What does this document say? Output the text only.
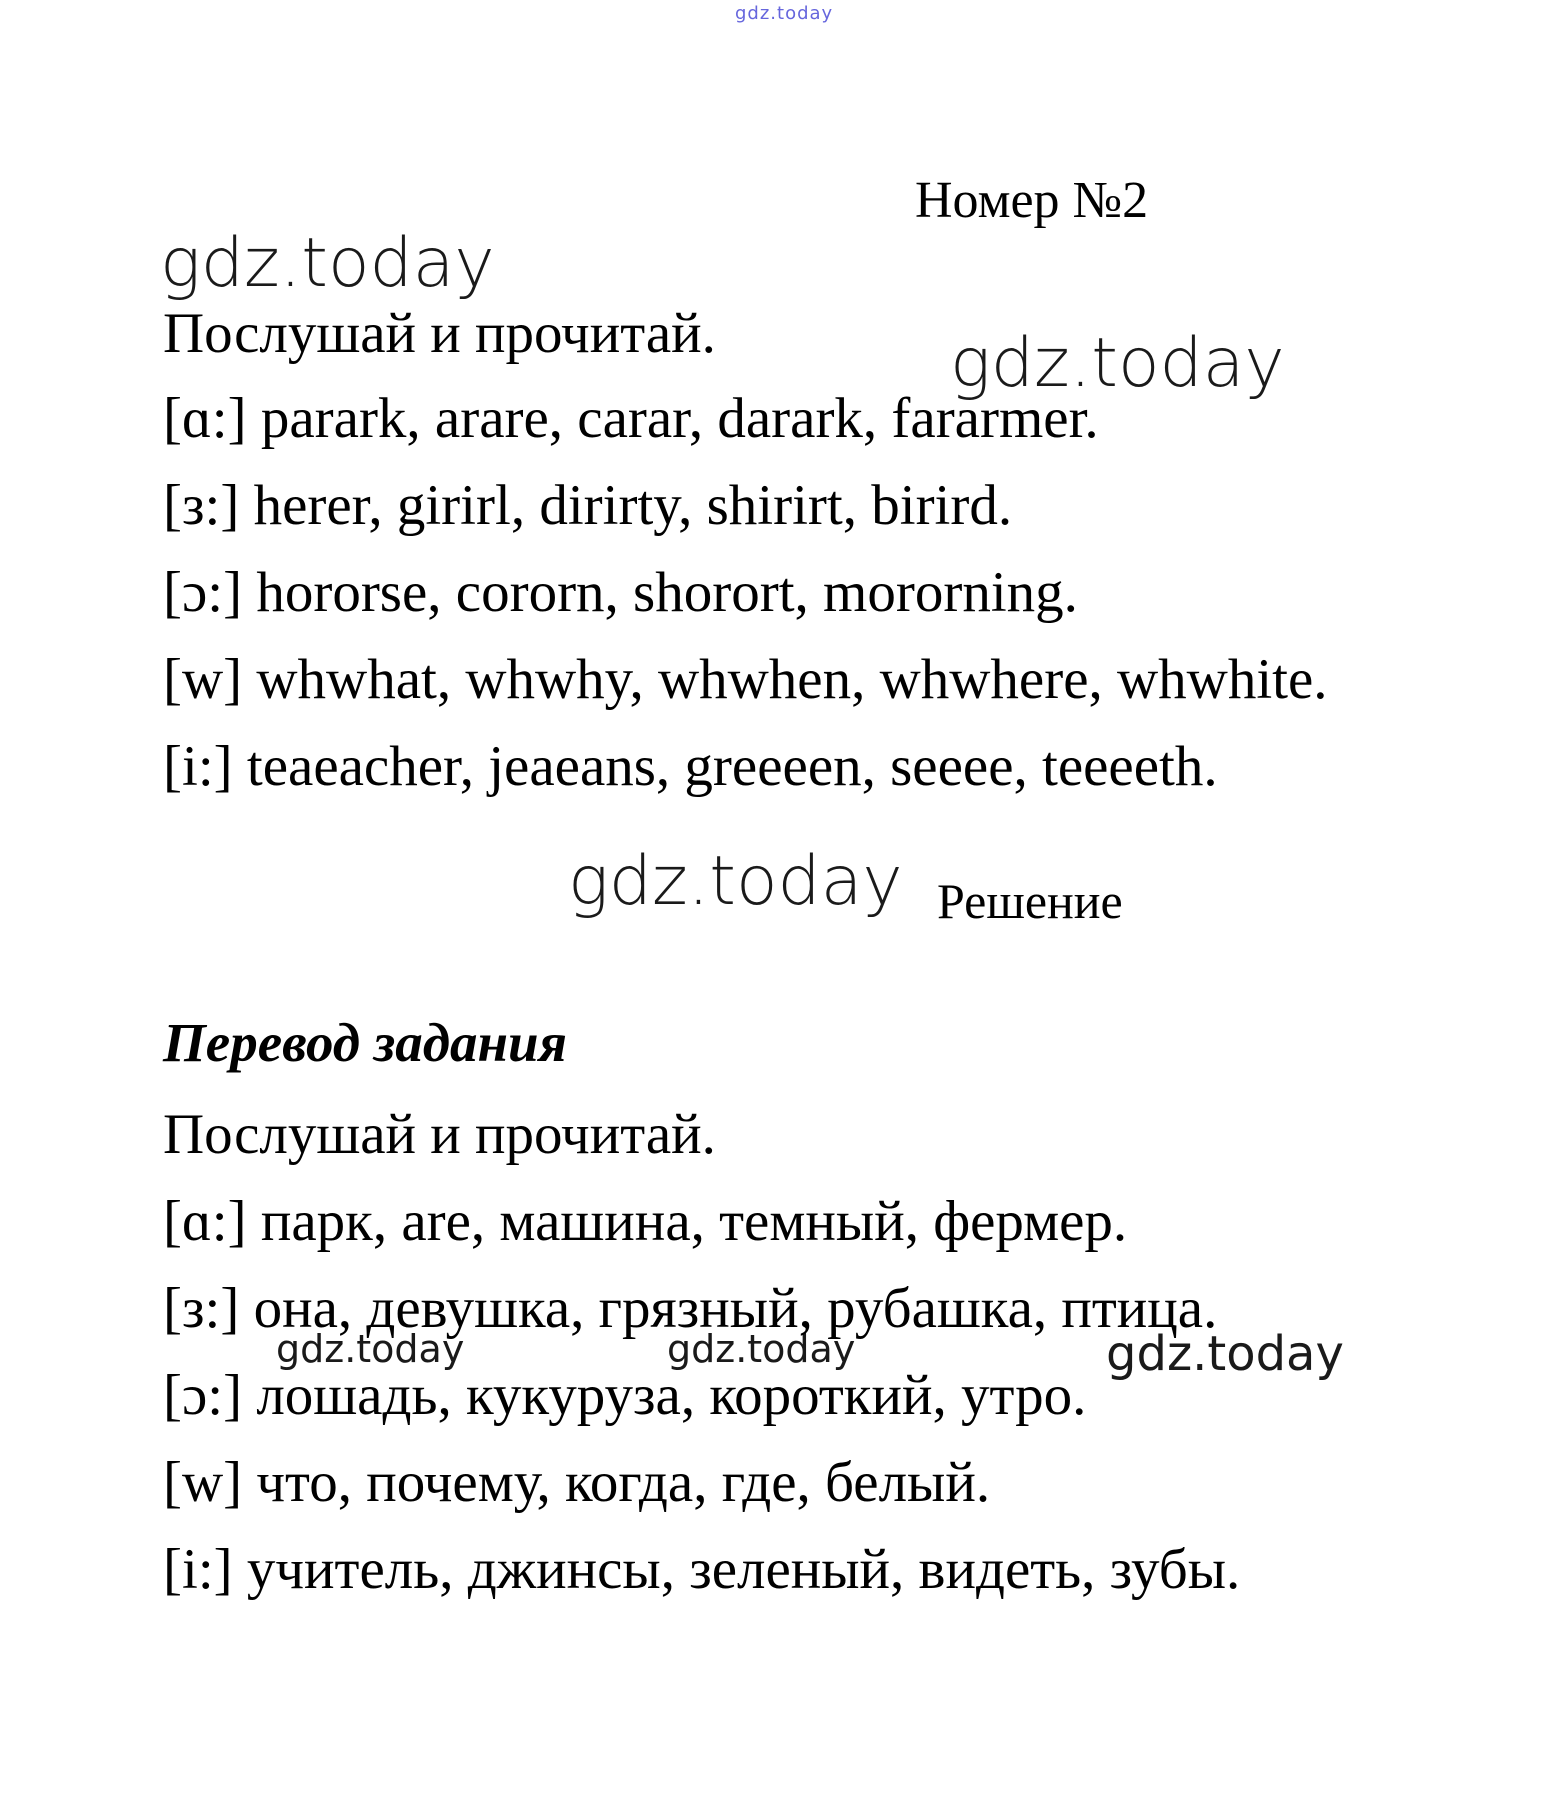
gdz.today
gdz.today
gdz.today
gdz.today
gdz.today	gdz.today	gdz.today
Номер №2
Послушай и прочитай.
[ɑ:] parark, arare, carar, darark, fararmer.
[з:] herer, girirl, dirirty, shirirt, birird.
[ɔ:] hororse, cororn, shorort, mororning.
[w] whwhat, whwhy, whwhen, whwhere, whwhite.
[i:] teaeacher, jeaeans, greeeen, seeee, teeeeth.
Решение
Перевод задания
Послушай и прочитай.
[ɑ:] парк, are, машина, темный, фермер.
[з:] она, девушка, грязный, рубашка, птица.
[ɔ:] лошадь, кукуруза, короткий, утро.
[w] что, почему, когда, где, белый.
[i:] учитель, джинсы, зеленый, видеть, зубы.
